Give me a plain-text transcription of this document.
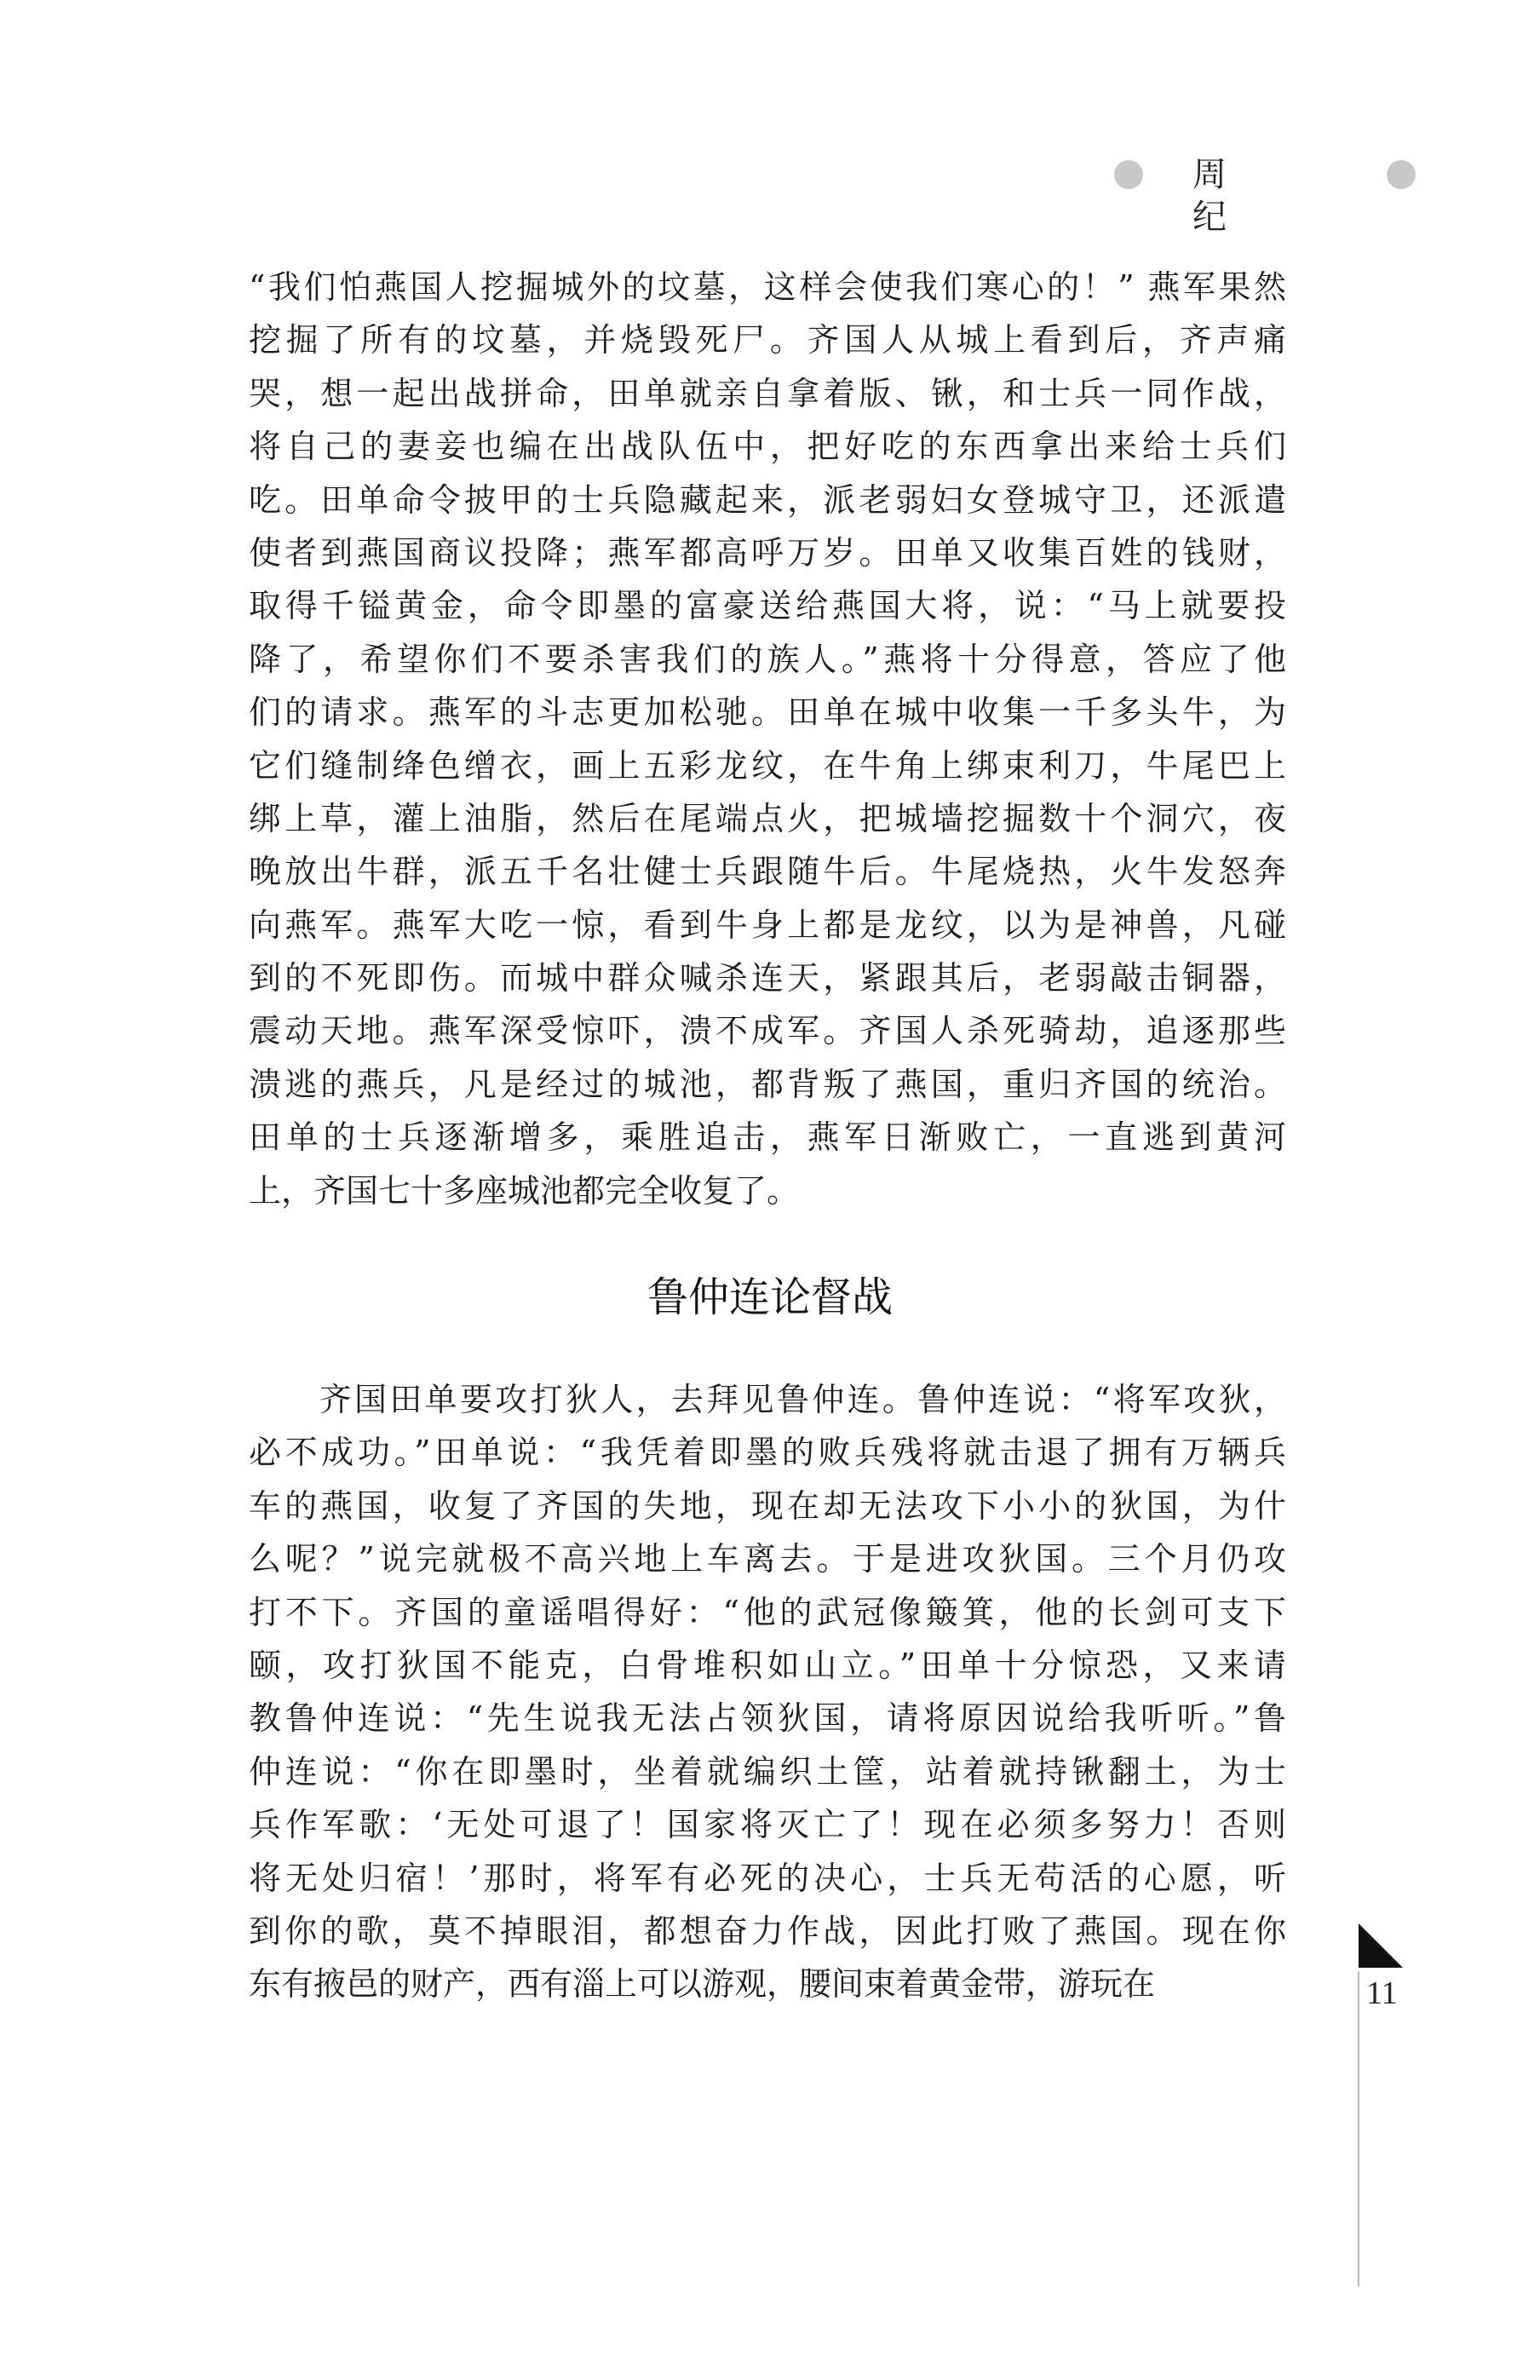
周纪
“我们怕燕国人挖掘城外的坟墓，这样会使我们寒心的！” 燕军果然
挖掘了所有的坟墓，并烧毁死尸。齐国人从城上看到后，齐声痛
哭，想一起出战拼命，田单就亲自拿着版、锹，和士兵一同作战，
将自己的妻妾也编在出战队伍中，把好吃的东西拿出来给士兵们
吃。田单命令披甲的士兵隐藏起来，派老弱妇女登城守卫，还派遣
使者到燕国商议投降；燕军都高呼万岁。田单又收集百姓的钱财，
取得千镒黄金，命令即墨的富豪送给燕国大将，说：“马上就要投
降了，希望你们不要杀害我们的族人。”燕将十分得意，答应了他
们的请求。燕军的斗志更加松驰。田单在城中收集一千多头牛，为
它们缝制绛色缯衣，画上五彩龙纹，在牛角上绑束利刀，牛尾巴上
绑上草，灌上油脂，然后在尾端点火，把城墙挖掘数十个洞穴，夜
晚放出牛群，派五千名壮健士兵跟随牛后。牛尾烧热，火牛发怒奔
向燕军。燕军大吃一惊，看到牛身上都是龙纹，以为是神兽，凡碰
到的不死即伤。而城中群众喊杀连天，紧跟其后，老弱敲击铜器，
震动天地。燕军深受惊吓，溃不成军。齐国人杀死骑劫，追逐那些
溃逃的燕兵，凡是经过的城池，都背叛了燕国，重归齐国的统治。
田单的士兵逐渐增多，乘胜追击，燕军日渐败亡，一直逃到黄河
上，齐国七十多座城池都完全收复了。
鲁仲连论督战
　　齐国田单要攻打狄人，去拜见鲁仲连。鲁仲连说：“将军攻狄，
必不成功。”田单说：“我凭着即墨的败兵残将就击退了拥有万辆兵
车的燕国，收复了齐国的失地，现在却无法攻下小小的狄国，为什
么呢？”说完就极不高兴地上车离去。于是进攻狄国。三个月仍攻
打不下。齐国的童谣唱得好：“他的武冠像簸箕，他的长剑可支下
颐，攻打狄国不能克，白骨堆积如山立。”田单十分惊恐，又来请
教鲁仲连说：“先生说我无法占领狄国，请将原因说给我听听。”鲁
仲连说：“你在即墨时，坐着就编织土筐，站着就持锹翻土，为士
兵作军歌：‘无处可退了！国家将灭亡了！现在必须多努力！否则
将无处归宿！’那时，将军有必死的决心，士兵无苟活的心愿，听
到你的歌，莫不掉眼泪，都想奋力作战，因此打败了燕国。现在你
东有掖邑的财产，西有淄上可以游观，腰间束着黄金带，游玩在	11
